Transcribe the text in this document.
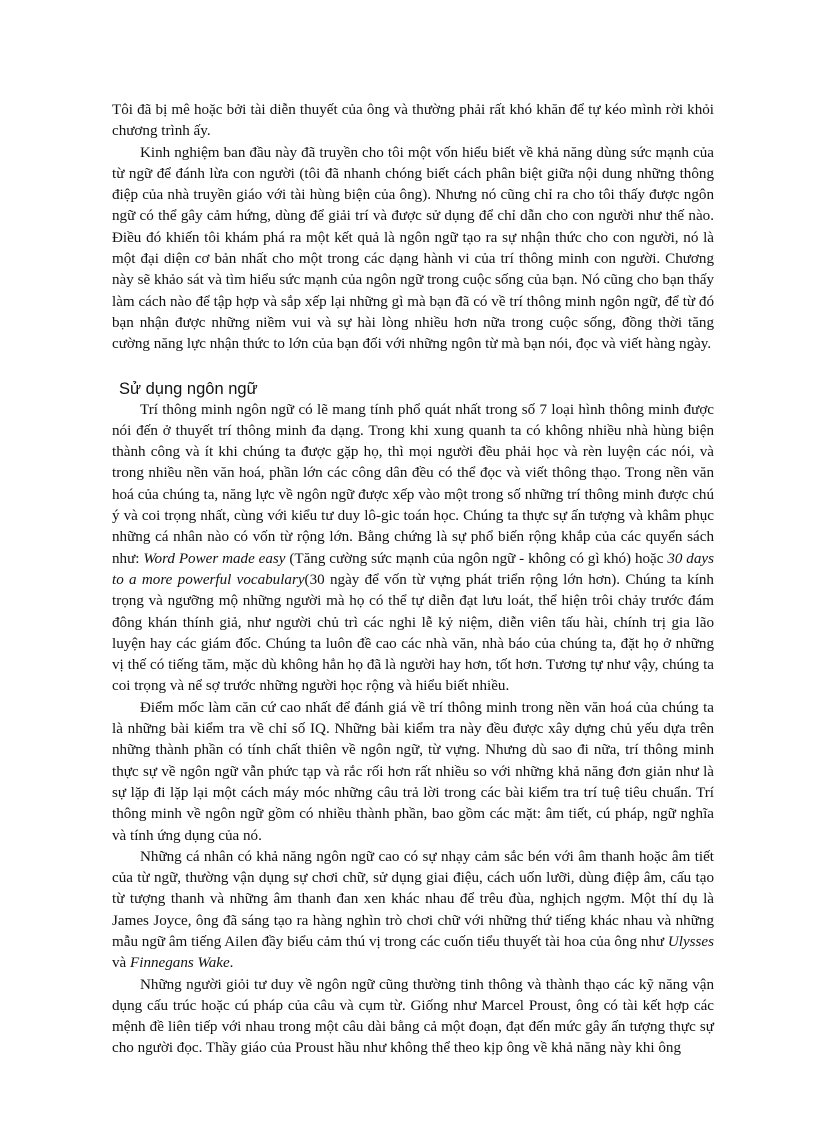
Tôi đã bị mê hoặc bởi tài diễn thuyết của ông và thường phải rất khó khăn để tự kéo mình rời khỏi chương trình ấy.

Kinh nghiệm ban đầu này đã truyền cho tôi một vốn hiểu biết về khả năng dùng sức mạnh của từ ngữ để đánh lừa con người (tôi đã nhanh chóng biết cách phân biệt giữa nội dung những thông điệp của nhà truyền giáo với tài hùng biện của ông). Nhưng nó cũng chỉ ra cho tôi thấy được ngôn ngữ có thể gây cảm hứng, dùng để giải trí và được sử dụng để chỉ dẫn cho con người như thế nào. Điều đó khiến tôi khám phá ra một kết quả là ngôn ngữ tạo ra sự nhận thức cho con người, nó là một đại diện cơ bản nhất cho một trong các dạng hành vi của trí thông minh con người. Chương này sẽ khảo sát và tìm hiểu sức mạnh của ngôn ngữ trong cuộc sống của bạn. Nó cũng cho bạn thấy làm cách nào để tập hợp và sắp xếp lại những gì mà bạn đã có về trí thông minh ngôn ngữ, để từ đó bạn nhận được những niềm vui và sự hài lòng nhiều hơn nữa trong cuộc sống, đồng thời tăng cường năng lực nhận thức to lớn của bạn đối với những ngôn từ mà bạn nói, đọc và viết hàng ngày.

Sử dụng ngôn ngữ

Trí thông minh ngôn ngữ có lẽ mang tính phổ quát nhất trong số 7 loại hình thông minh được nói đến ở thuyết trí thông minh đa dạng. Trong khi xung quanh ta có không nhiều nhà hùng biện thành công và ít khi chúng ta được gặp họ, thì mọi người đều phải học và rèn luyện các nói, và trong nhiều nền văn hoá, phần lớn các công dân đều có thể đọc và viết thông thạo. Trong nền văn hoá của chúng ta, năng lực về ngôn ngữ được xếp vào một trong số những trí thông minh được chú ý và coi trọng nhất, cùng với kiểu tư duy lô-gic toán học. Chúng ta thực sự ấn tượng và khâm phục những cá nhân nào có vốn từ rộng lớn. Bằng chứng là sự phổ biến rộng khắp của các quyển sách như: Word Power made easy (Tăng cường sức mạnh của ngôn ngữ - không có gì khó) hoặc 30 days to a more powerful vocabulary(30 ngày để vốn từ vựng phát triển rộng lớn hơn). Chúng ta kính trọng và ngưỡng mộ những người mà họ có thể tự diễn đạt lưu loát, thể hiện trôi chảy trước đám đông khán thính giả, như người chủ trì các nghi lễ kỷ niệm, diễn viên tấu hài, chính trị gia lão luyện hay các giám đốc. Chúng ta luôn đề cao các nhà văn, nhà báo của chúng ta, đặt họ ở những vị thế có tiếng tăm, mặc dù không hẳn họ đã là người hay hơn, tốt hơn. Tương tự như vậy, chúng ta coi trọng và nể sợ trước những người học rộng và hiểu biết nhiều.

Điểm mốc làm căn cứ cao nhất để đánh giá về trí thông minh trong nền văn hoá của chúng ta là những bài kiểm tra về chỉ số IQ. Những bài kiểm tra này đều được xây dựng chủ yếu dựa trên những thành phần có tính chất thiên về ngôn ngữ, từ vựng. Nhưng dù sao đi nữa, trí thông minh thực sự về ngôn ngữ vẫn phức tạp và rắc rối hơn rất nhiều so với những khả năng đơn giản như là sự lặp đi lặp lại một cách máy móc những câu trả lời trong các bài kiểm tra trí tuệ tiêu chuẩn. Trí thông minh về ngôn ngữ gồm có nhiều thành phần, bao gồm các mặt: âm tiết, cú pháp, ngữ nghĩa và tính ứng dụng của nó.

Những cá nhân có khả năng ngôn ngữ cao có sự nhạy cảm sắc bén với âm thanh hoặc âm tiết của từ ngữ, thường vận dụng sự chơi chữ, sử dụng giai điệu, cách uốn lưỡi, dùng điệp âm, cấu tạo từ tượng thanh và những âm thanh đan xen khác nhau để trêu đùa, nghịch ngợm. Một thí dụ là James Joyce, ông đã sáng tạo ra hàng nghìn trò chơi chữ với những thứ tiếng khác nhau và những mẫu ngữ âm tiếng Ailen đầy biểu cảm thú vị trong các cuốn tiểu thuyết tài hoa của ông như Ulysses và Finnegans Wake.

Những người giỏi tư duy về ngôn ngữ cũng thường tinh thông và thành thạo các kỹ năng vận dụng cấu trúc hoặc cú pháp của câu và cụm từ. Giống như Marcel Proust, ông có tài kết hợp các mệnh đề liên tiếp với nhau trong một câu dài bằng cả một đoạn, đạt đến mức gây ấn tượng thực sự cho người đọc. Thầy giáo của Proust hầu như không thể theo kịp ông về khả năng này khi ông
